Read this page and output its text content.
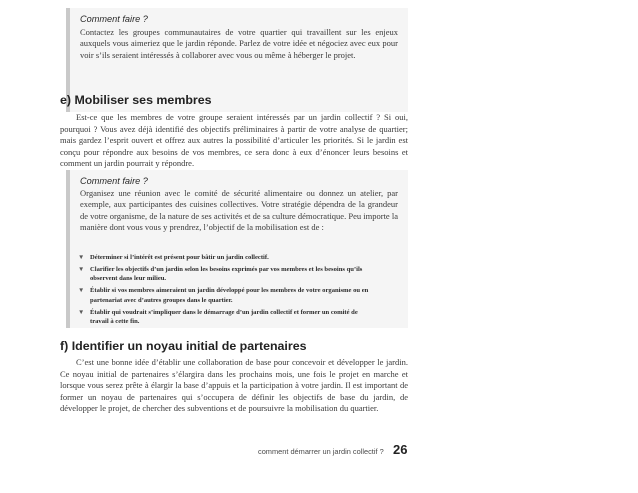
Comment faire ?
Contactez les groupes communautaires de votre quartier qui travaillent sur les enjeux auxquels vous aimeriez que le jardin réponde. Parlez de votre idée et négociez avec eux pour voir s’ils seraient intéressés à collaborer avec vous ou même à héberger le projet.
e) Mobiliser ses membres
Est-ce que les membres de votre groupe seraient intéressés par un jardin collectif ? Si oui, pourquoi ? Vous avez déjà identifié des objectifs préliminaires à partir de votre analyse de quartier; mais gardez l’esprit ouvert et offrez aux autres la possibilité d’articuler les priorités. Si le jardin est conçu pour répondre aux besoins de vos membres, ce sera donc à eux d’énoncer leurs besoins et comment un jardin pourrait y répondre.
Comment faire ?
Organisez une réunion avec le comité de sécurité alimentaire ou donnez un atelier, par exemple, aux participantes des cuisines collectives. Votre stratégie dépendra de la grandeur de votre organisme, de la nature de ses activités et de sa culture démocratique. Peu importe la manière dont vous vous y prendrez, l’objectif de la mobilisation est de :
▼ Déterminer si l’intérêt est présent pour bâtir un jardin collectif.
▼ Clarifier les objectifs d’un jardin selon les besoins exprimés par vos membres et les besoins qu’ils observent dans leur milieu.
▼ Établir si vos membres aimeraient un jardin développé pour les membres de votre organisme ou en partenariat avec d’autres groupes dans le quartier.
▼ Établir qui voudrait s’impliquer dans le démarrage d’un jardin collectif et former un comité de travail à cette fin.
f) Identifier un noyau initial de partenaires
C’est une bonne idée d’établir une collaboration de base pour concevoir et développer le jardin. Ce noyau initial de partenaires s’élargira dans les prochains mois, une fois le projet en marche et lorsque vous serez prête à élargir la base d’appuis et la participation à votre jardin. Il est important de former un noyau de partenaires qui s’occupera de définir les objectifs de base du jardin, de développer le projet, de chercher des subventions et de poursuivre la mobilisation du quartier.
comment démarrer un jardin collectif ? 26
